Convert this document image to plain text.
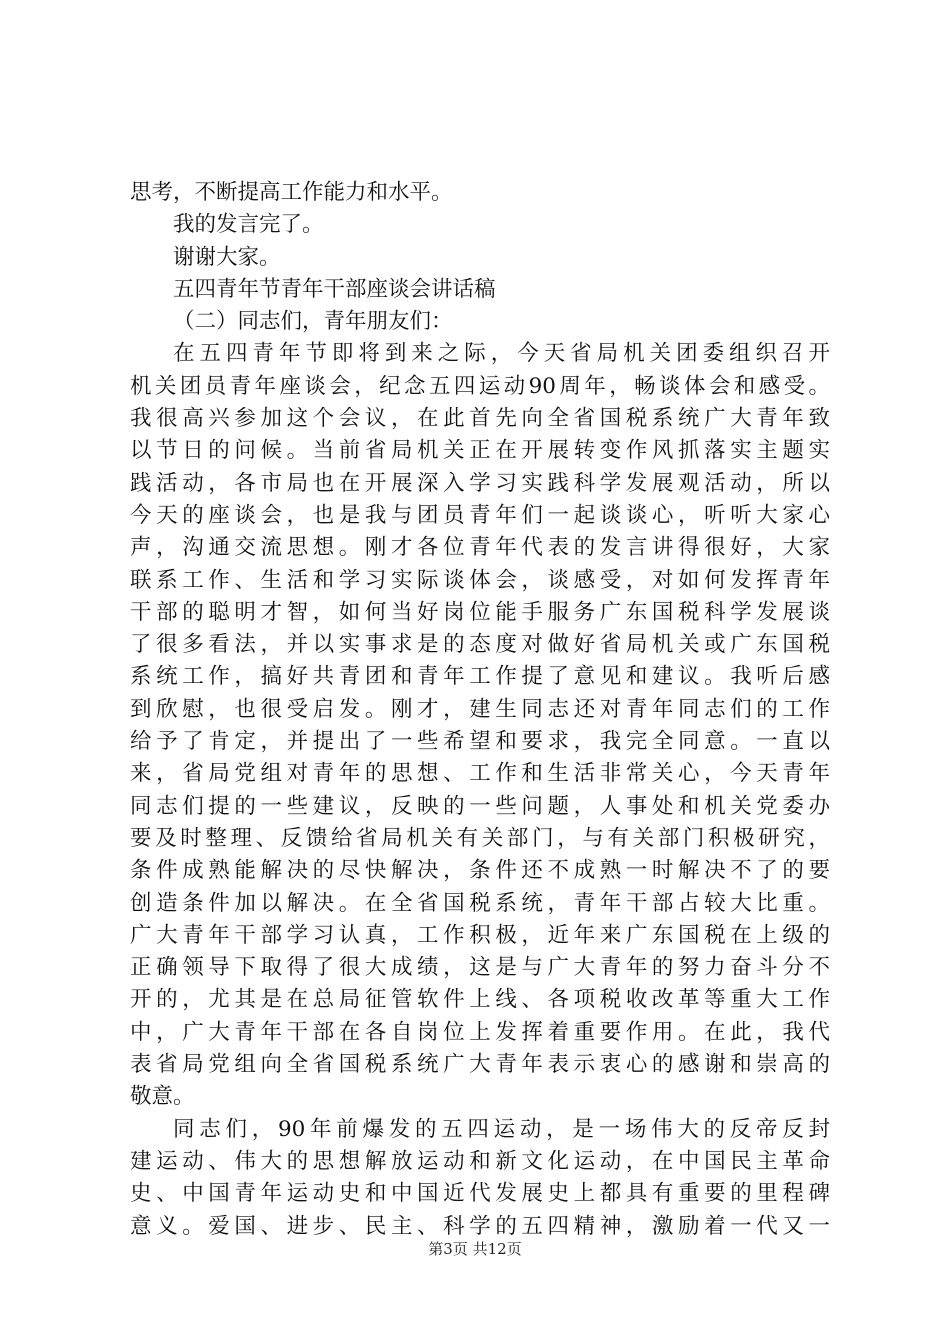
思考，不断提高工作能力和水平。
我的发言完了。
谢谢大家。
五四青年节青年干部座谈会讲话稿
（二）同志们，青年朋友们：
在五四青年节即将到来之际，今天省局机关团委组织召开
机关团员青年座谈会，纪念五四运动90周年，畅谈体会和感受。
我很高兴参加这个会议，在此首先向全省国税系统广大青年致
以节日的问候。当前省局机关正在开展转变作风抓落实主题实
践活动，各市局也在开展深入学习实践科学发展观活动，所以
今天的座谈会，也是我与团员青年们一起谈谈心，听听大家心
声，沟通交流思想。刚才各位青年代表的发言讲得很好，大家
联系工作、生活和学习实际谈体会，谈感受，对如何发挥青年
干部的聪明才智，如何当好岗位能手服务广东国税科学发展谈
了很多看法，并以实事求是的态度对做好省局机关或广东国税
系统工作，搞好共青团和青年工作提了意见和建议。我听后感
到欣慰，也很受启发。刚才，建生同志还对青年同志们的工作
给予了肯定，并提出了一些希望和要求，我完全同意。一直以
来，省局党组对青年的思想、工作和生活非常关心，今天青年
同志们提的一些建议，反映的一些问题，人事处和机关党委办
要及时整理、反馈给省局机关有关部门，与有关部门积极研究，
条件成熟能解决的尽快解决，条件还不成熟一时解决不了的要
创造条件加以解决。在全省国税系统，青年干部占较大比重。
广大青年干部学习认真，工作积极，近年来广东国税在上级的
正确领导下取得了很大成绩，这是与广大青年的努力奋斗分不
开的，尤其是在总局征管软件上线、各项税收改革等重大工作
中，广大青年干部在各自岗位上发挥着重要作用。在此，我代
表省局党组向全省国税系统广大青年表示衷心的感谢和崇高的
敬意。
同志们，90年前爆发的五四运动，是一场伟大的反帝反封
建运动、伟大的思想解放运动和新文化运动，在中国民主革命
史、中国青年运动史和中国近代发展史上都具有重要的里程碑
意义。爱国、进步、民主、科学的五四精神，激励着一代又一
第3页 共12页
